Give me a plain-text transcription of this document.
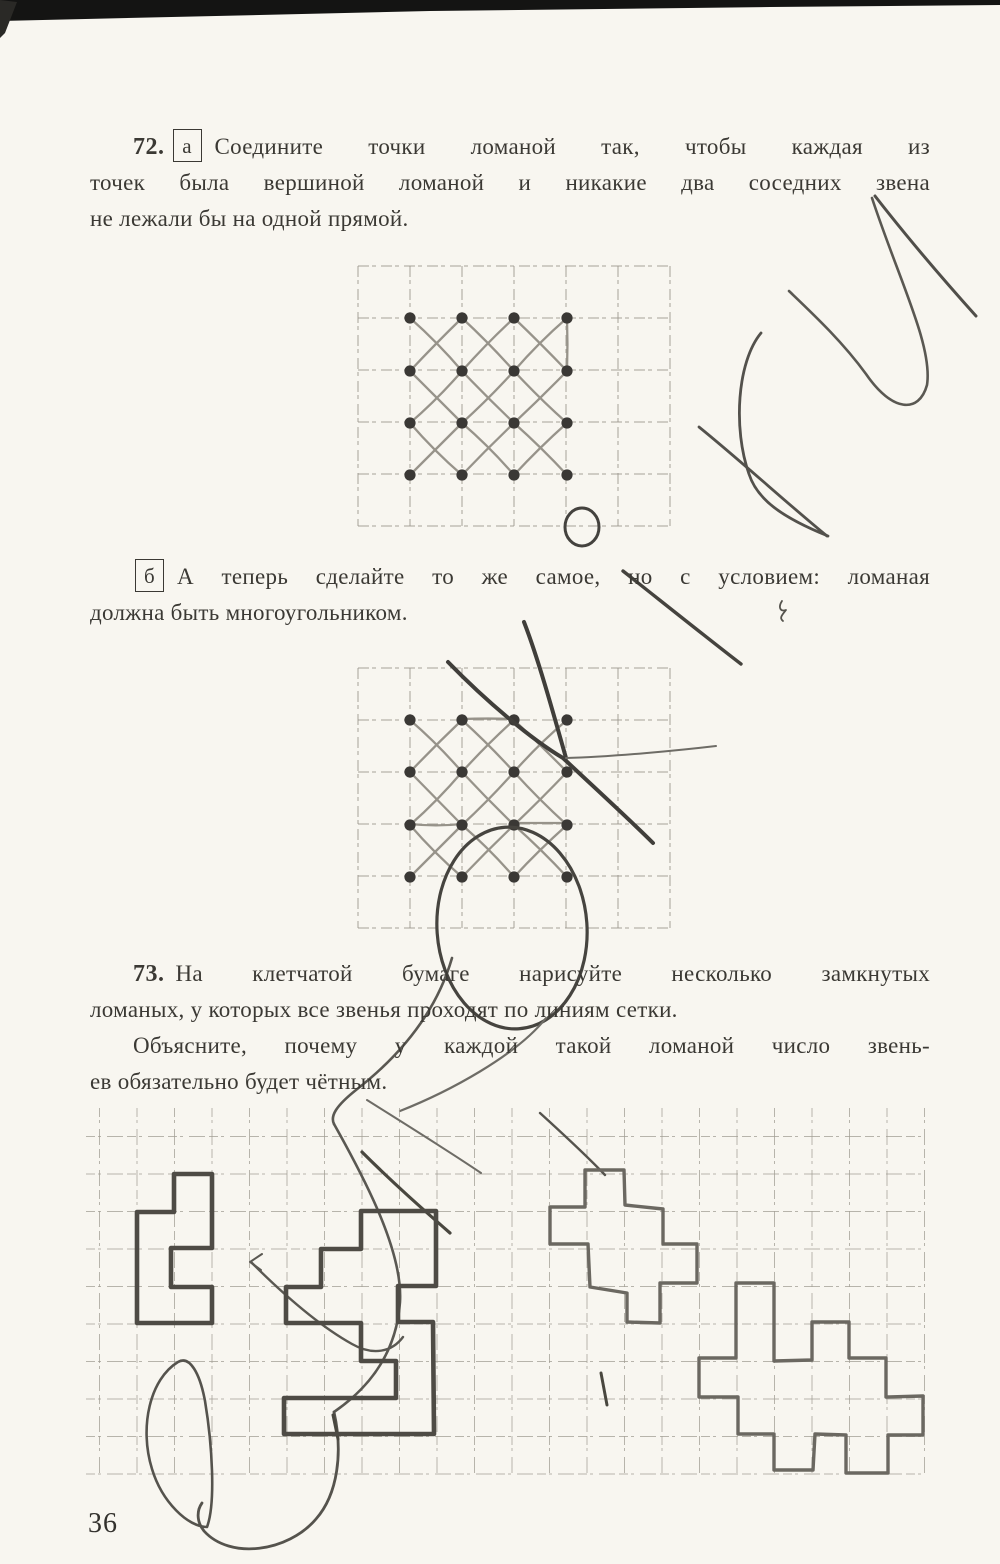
72. а Соедините точки ломаной так, чтобы каждая из
точек была вершиной ломаной и никакие два соседних звена
не лежали бы на одной прямой.
б А теперь сделайте то же самое, но с условием: ломаная
должна быть многоугольником.
73. На клетчатой бумаге нарисуйте несколько замкнутых
ломаных, у которых все звенья проходят по линиям сетки.
Объясните, почему у каждой такой ломаной число звень-
ев обязательно будет чётным.
36
